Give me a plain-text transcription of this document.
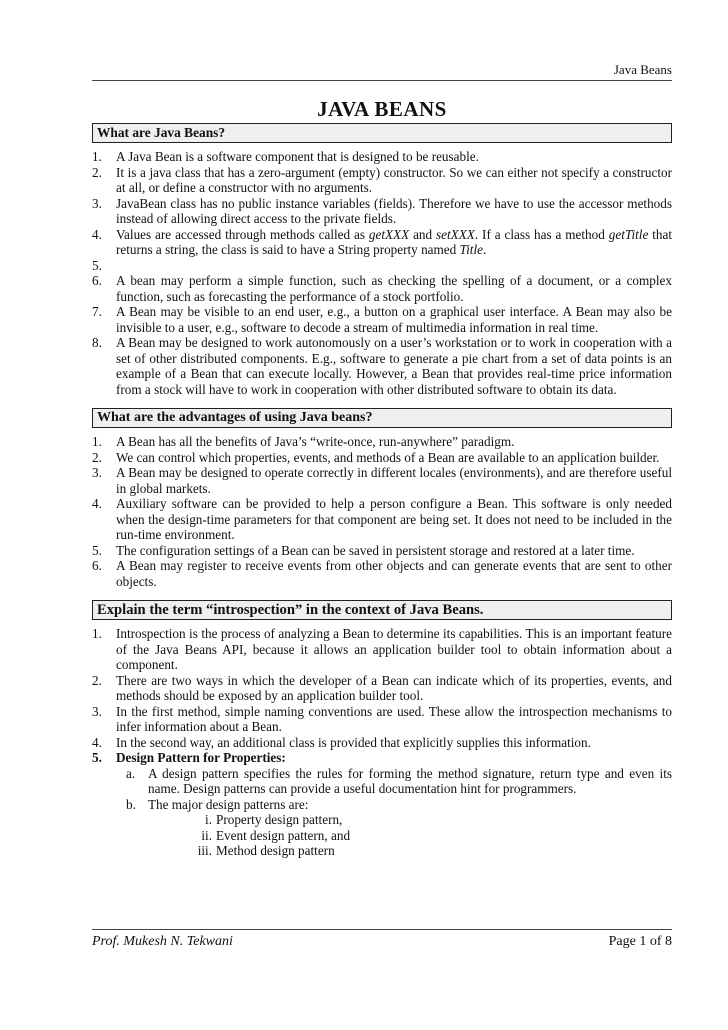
Java Beans
JAVA BEANS
What are Java Beans?
1. A Java Bean is a software component that is designed to be reusable.
2. It is a java class that has a zero-argument (empty) constructor. So we can either not specify a constructor at all, or define a constructor with no arguments.
3. JavaBean class has no public instance variables (fields). Therefore we have to use the accessor methods instead of allowing direct access to the private fields.
4. Values are accessed through methods called as getXXX and setXXX. If a class has a method getTitle that returns a string, the class is said to have a String property named Title.
5.

6. A bean may perform a simple function, such as checking the spelling of a document, or a complex function, such as forecasting the performance of a stock portfolio.
7. A Bean may be visible to an end user, e.g., a button on a graphical user interface. A Bean may also be invisible to a user, e.g., software to decode a stream of multimedia information in real time.
8. A Bean may be designed to work autonomously on a user’s workstation or to work in cooperation with a set of other distributed components. E.g., software to generate a pie chart from a set of data points is an example of a Bean that can execute locally. However, a Bean that provides real-time price information from a stock will have to work in cooperation with other distributed software to obtain its data.
What are the advantages of using Java beans?
1. A Bean has all the benefits of Java’s “write-once, run-anywhere” paradigm.
2. We can control which properties, events, and methods of a Bean are available to an application builder.
3. A Bean may be designed to operate correctly in different locales (environments), and are therefore useful in global markets.
4. Auxiliary software can be provided to help a person configure a Bean. This software is only needed when the design-time parameters for that component are being set. It does not need to be included in the run-time environment.
5. The configuration settings of a Bean can be saved in persistent storage and restored at a later time.
6. A Bean may register to receive events from other objects and can generate events that are sent to other objects.
Explain the term “introspection” in the context of Java Beans.
1. Introspection is the process of analyzing a Bean to determine its capabilities. This is an important feature of the Java Beans API, because it allows an application builder tool to obtain information about a component.
2. There are two ways in which the developer of a Bean can indicate which of its properties, events, and methods should be exposed by an application builder tool.
3. In the first method, simple naming conventions are used. These allow the introspection mechanisms to infer information about a Bean.
4. In the second way, an additional class is provided that explicitly supplies this information.
5. Design Pattern for Properties:
a. A design pattern specifies the rules for forming the method signature, return type and even its name. Design patterns can provide a useful documentation hint for programmers.
b. The major design patterns are:
i. Property design pattern,
ii. Event design pattern, and
iii. Method design pattern
Prof. Mukesh N. Tekwani	Page 1 of 8
